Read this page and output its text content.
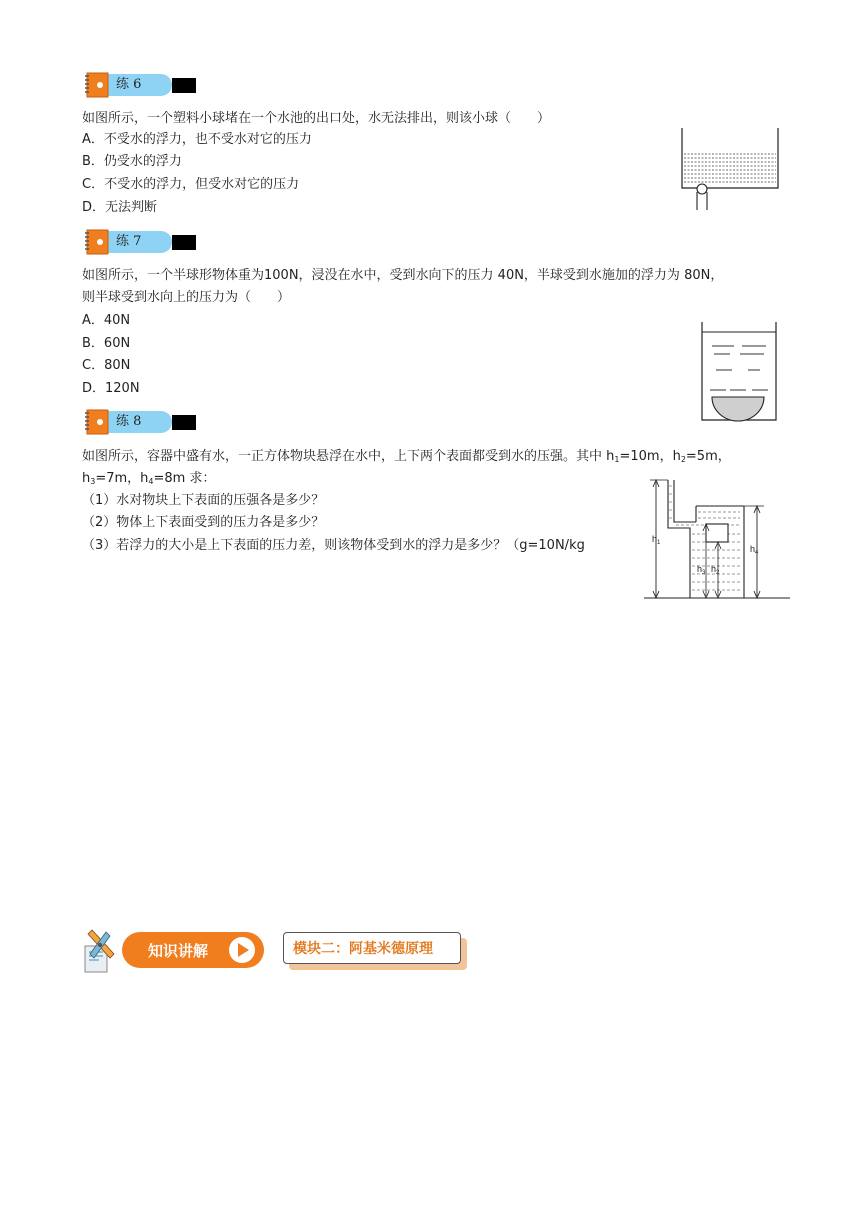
练 6
如图所示，一个塑料小球堵在一个水池的出口处，水无法排出，则该小球（　　）
A．不受水的浮力，也不受水对它的压力
B．仍受水的浮力
C．不受水的浮力，但受水对它的压力
D．无法判断
练 7
如图所示，一个半球形物体重为100N，浸没在水中，受到水向下的压力 40N，半球受到水施加的浮力为 80N，
则半球受到水向上的压力为（　　）
A．40N
B．60N
C．80N
D．120N
练 8
如图所示，容器中盛有水，一正方体物块悬浮在水中，上下两个表面都受到水的压强。其中 $h_1=10m$，$h_2=5m$，
$h_3=7m$，$h_4=8m$ 求：
（1）水对物块上下表面的压强各是多少？
（2）物体上下表面受到的压力各是多少？
（3）若浮力的大小是上下表面的压力差，则该物体受到水的浮力是多少？（g=10N/kg	$h_1$
$h_4$
$h_3$ $h_2$
知识讲解	模块二：阿基米德原理
